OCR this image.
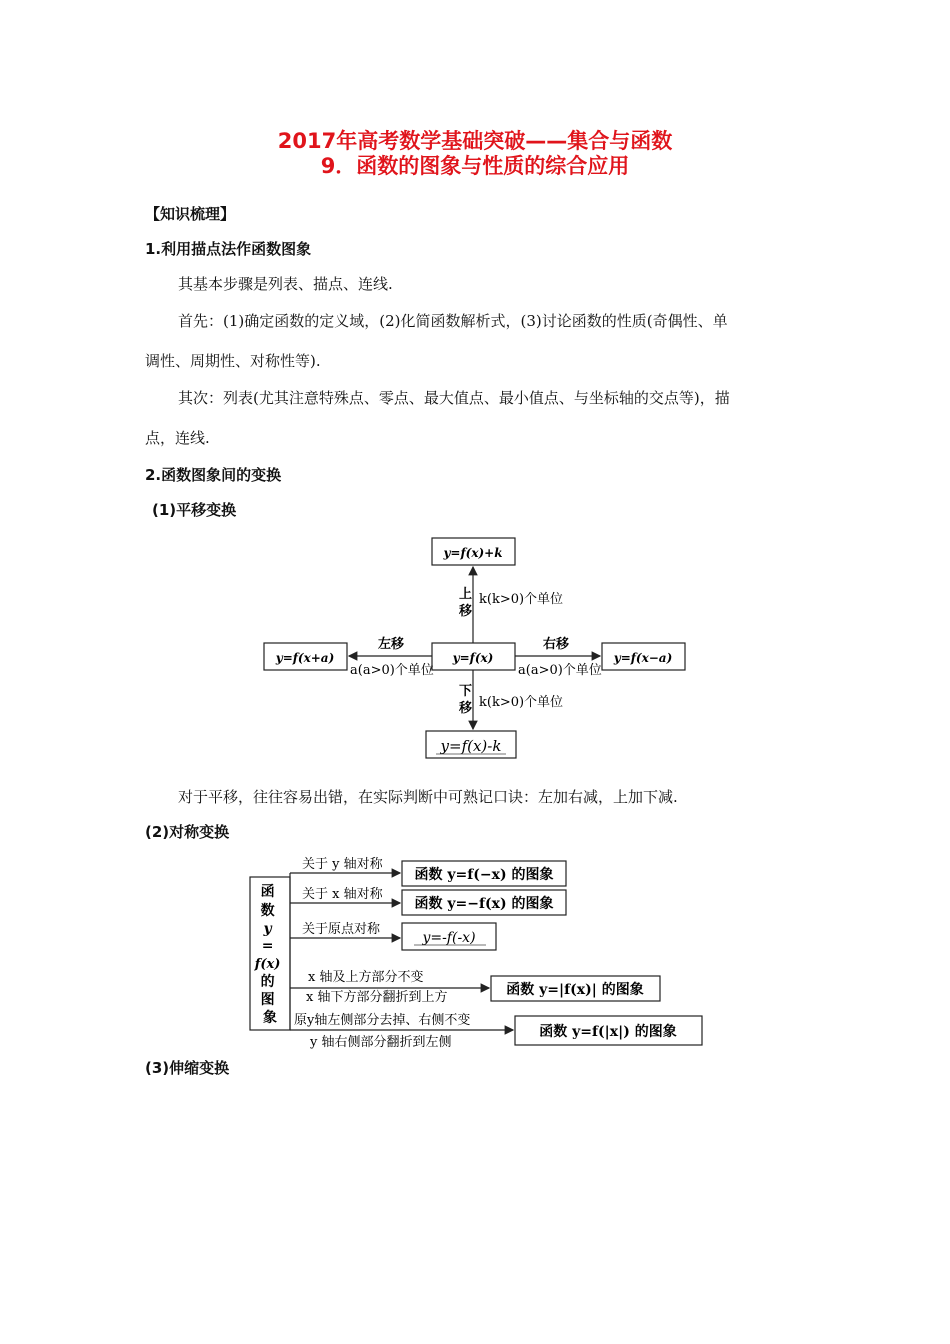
2017年高考数学基础突破——集合与函数
9．函数的图象与性质的综合应用
【知识梳理】
1.利用描点法作函数图象
其基本步骤是列表、描点、连线.
首先：(1)确定函数的定义域，(2)化简函数解析式，(3)讨论函数的性质(奇偶性、单
调性、周期性、对称性等).
其次：列表(尤其注意特殊点、零点、最大值点、最小值点、与坐标轴的交点等)，描
点，连线.
2.函数图象间的变换
(1)平移变换
y=f(x)+k
y=f(x)
y=f(x+a)	y=f(x−a)
y=f(x)-k
上 移
k(k>0)个单位
下 移 k(k>0)个单位
左移
a(a>0)个单位
右移
a(a>0)个单位
对于平移，往往容易出错，在实际判断中可熟记口诀：左加右减，上加下减.
(2)对称变换
函 数 y = f(x) 的 图 象
关于 y 轴对称
函数 y=f(−x) 的图象
关于 x 轴对称
函数 y=−f(x) 的图象
关于原点对称
y=-f(-x)
x 轴及上方部分不变
x 轴下方部分翻折到上方	函数 y=|f(x)| 的图象
原y轴左侧部分去掉、右侧不变
y 轴右侧部分翻折到左侧
函数 y=f(|x|) 的图象
(3)伸缩变换
